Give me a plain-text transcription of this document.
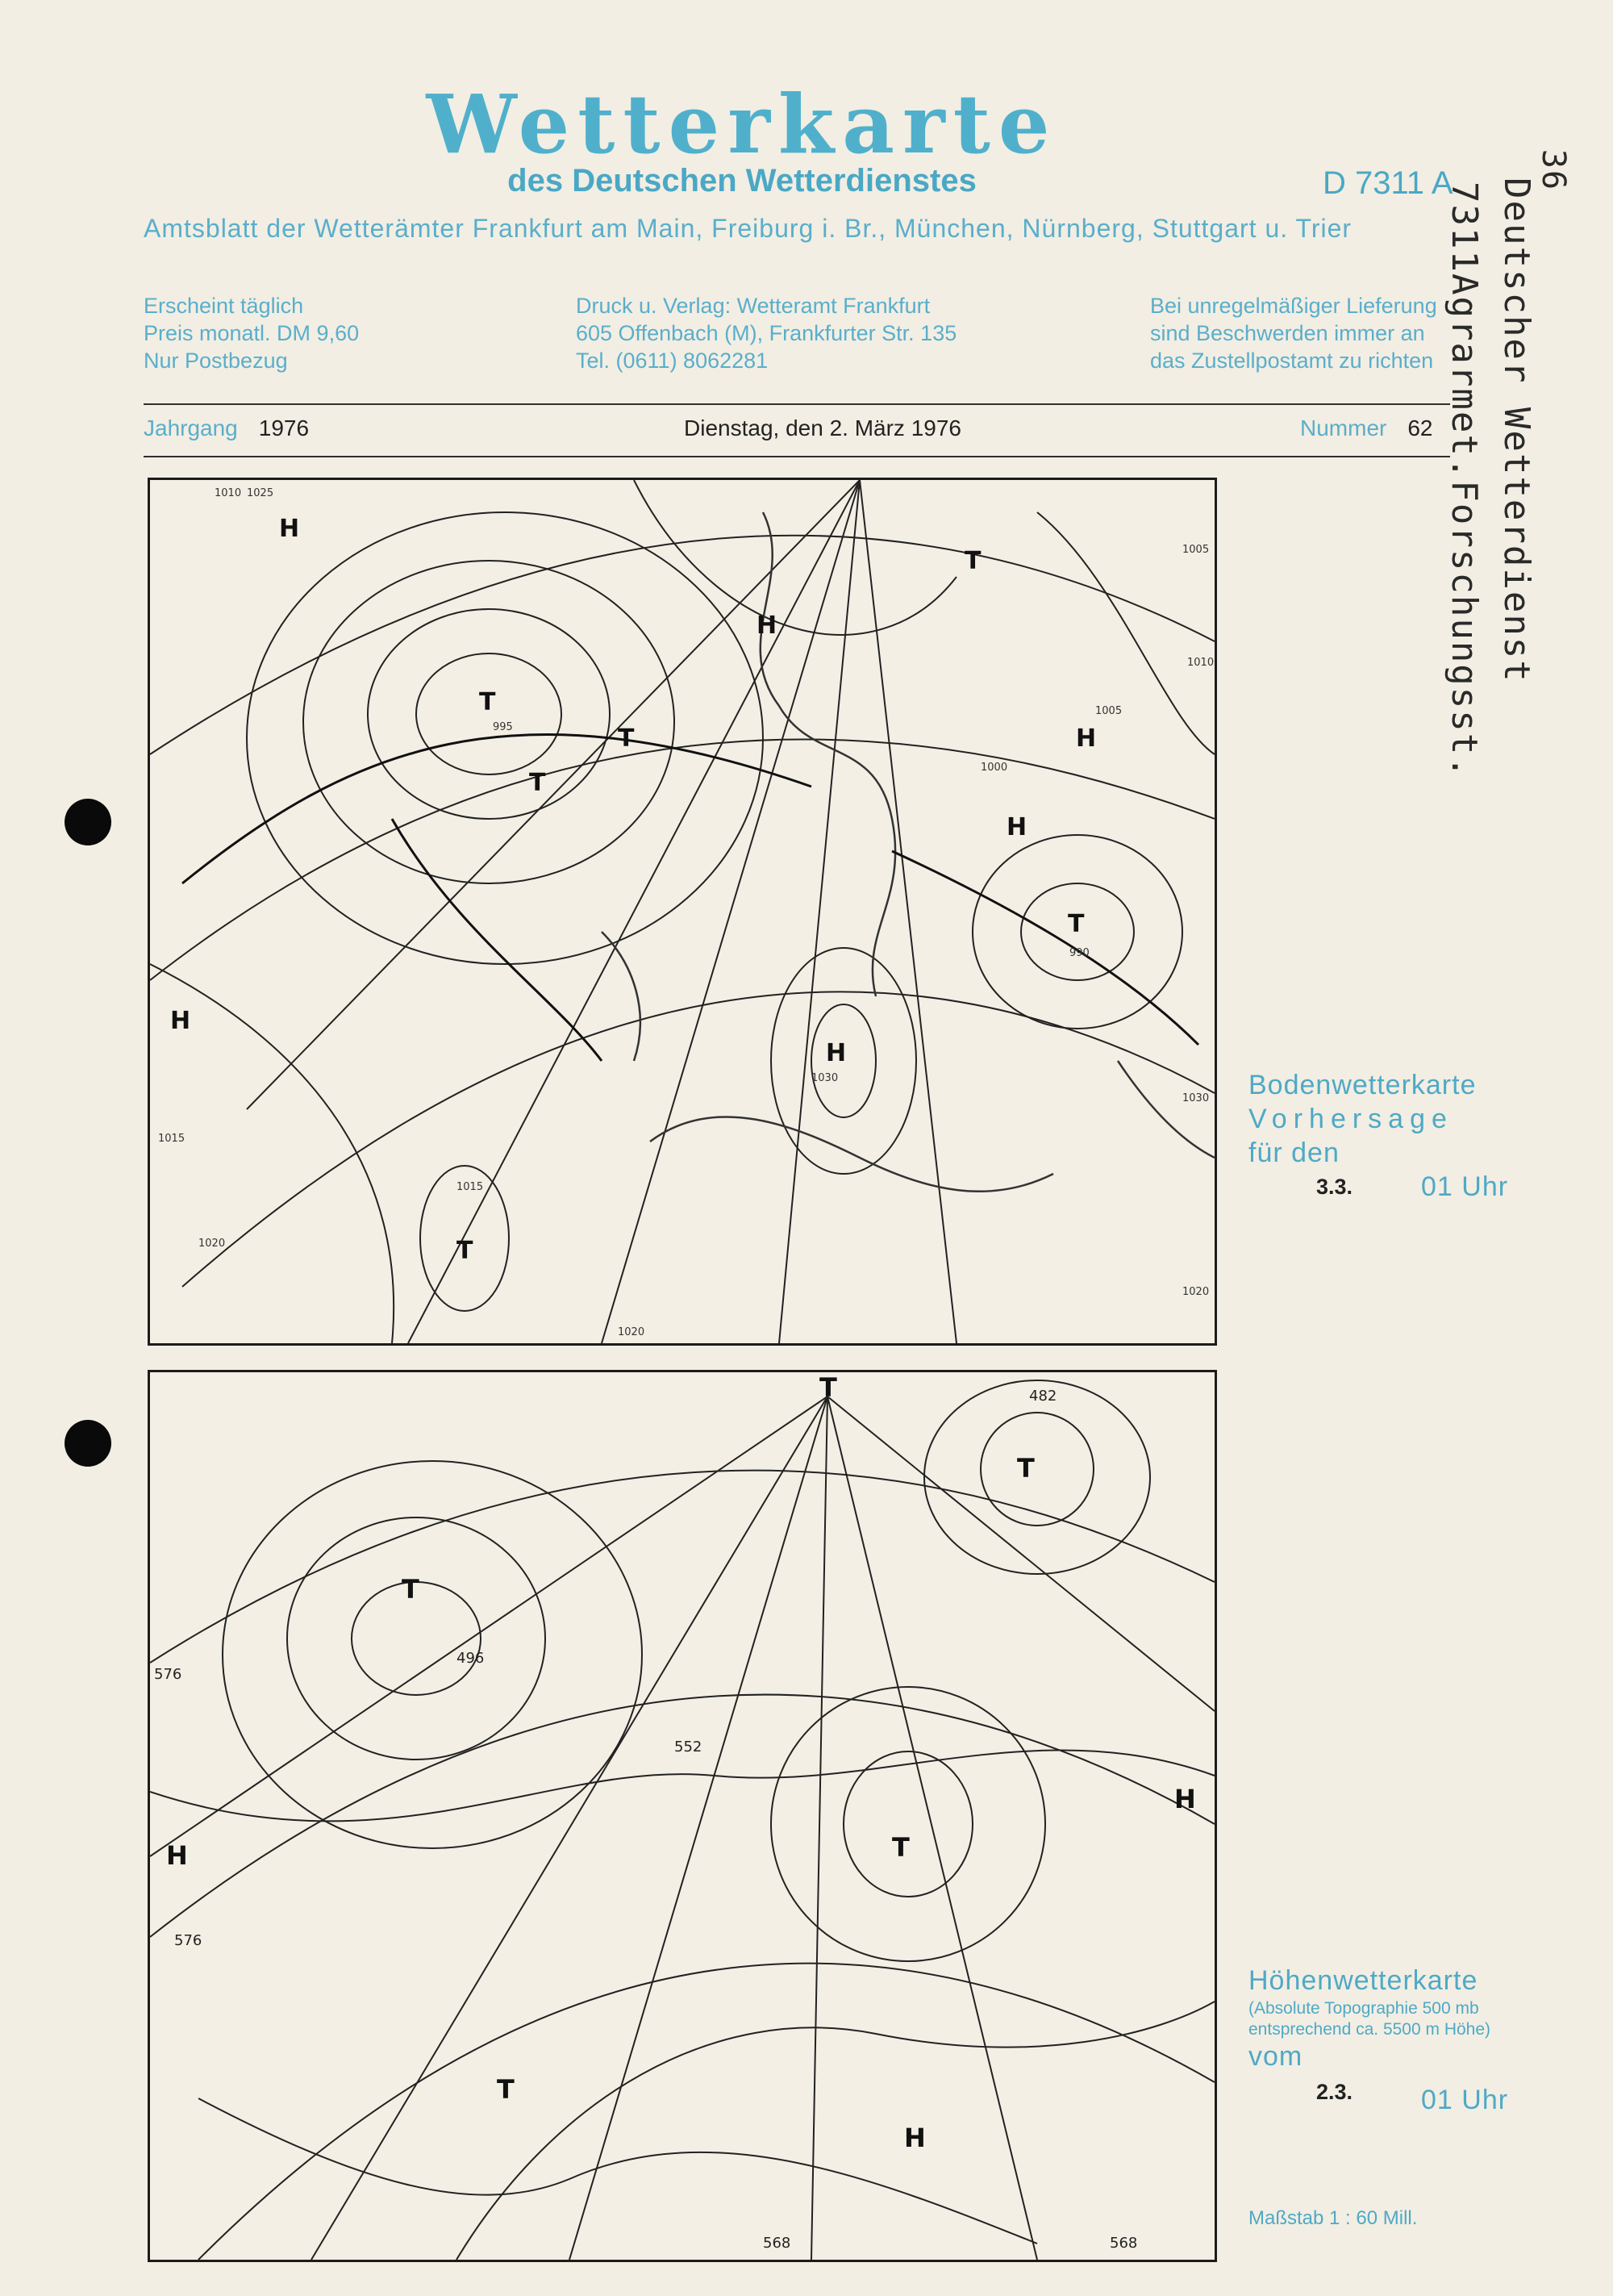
Wetterkarte
des Deutschen Wetterdienstes	D 7311 A
Amtsblatt der Wetterämter Frankfurt am Main, Freiburg i. Br., München, Nürnberg, Stuttgart u. Trier
Erscheint täglich
Preis monatl. DM 9,60
Nur Postbezug
Druck u. Verlag: Wetteramt Frankfurt
605 Offenbach (M), Frankfurter Str. 135
Tel. (0611) 8062281
Bei unregelmäßiger Lieferung
sind Beschwerden immer an
das Zustellpostamt zu richten
Jahrgang 1976	Dienstag, den 2. März 1976	Nummer 62 Deutscher Wetterdienst
7311Agrarmet.Forschungsst.
36
H
H
H
H
H
H
T
T
T
T
T
T
1030
1005
1010
1015
1020
990
995
1000
1005
1010
1015
1020
1025
1030
1020
Bodenwetterkarte
Vorhersage
für den
3.3. 01 Uhr
T
T
T
T
T
H
H
H
496
552
576
576
568	568
482
Höhenwetterkarte
(Absolute Topographie 500 mb
entsprechend ca. 5500 m Höhe)
vom
2.3. 01 Uhr
Maßstab 1 : 60 Mill.
